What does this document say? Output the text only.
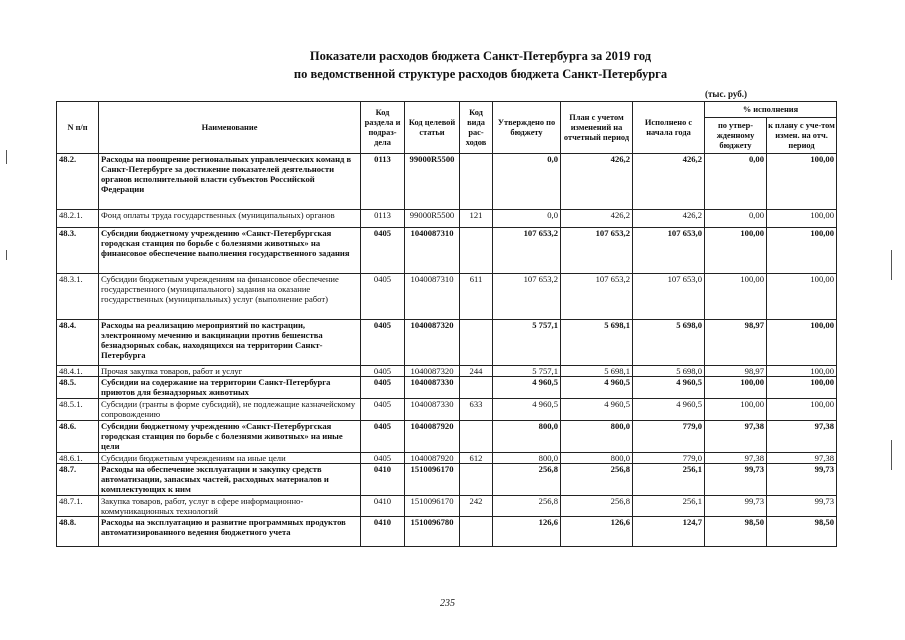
Показатели расходов бюджета Санкт-Петербурга за 2019 год
по ведомственной структуре расходов бюджета Санкт-Петербурга
(тыс. руб.)
N п/п	Наименование	Код раздела и подраз-дела	Код целевой статьи	Код вида рас-ходов	Утверждено по бюджету	План с учетом изменений на отчетный период	Исполнено с начала года	% исполнения	
								по утвер-жденному бюджету	к плану с уче-том измен. на отч. период
48.2.	Расходы на поощрение региональных управленческих команд в Санкт-Петербурге за достижение показателей деятельности органов исполнительной власти субъектов Российской Федерации	0113	99000R5500		0,0	426,2	426,2	0,00	100,00
48.2.1.	Фонд оплаты труда государственных (муниципальных) органов	0113	99000R5500	121	0,0	426,2	426,2	0,00	100,00
48.3.	Субсидии бюджетному учреждению «Санкт-Петербургская городская станция по борьбе с болезнями животных» на финансовое обеспечение выполнения государственного задания	0405	1040087310		107 653,2	107 653,2	107 653,0	100,00	100,00
48.3.1.	Субсидии бюджетным учреждениям на финансовое обеспечение государственного (муниципального) задания на оказание государственных (муниципальных) услуг (выполнение работ)	0405	1040087310	611	107 653,2	107 653,2	107 653,0	100,00	100,00
48.4.	Расходы на реализацию мероприятий по кастрации, электронному мечению и вакцинации против бешенства безнадзорных собак, находящихся на территории Санкт-Петербурга	0405	1040087320		5 757,1	5 698,1	5 698,0	98,97	100,00
48.4.1.	Прочая закупка товаров, работ и услуг	0405	1040087320	244	5 757,1	5 698,1	5 698,0	98,97	100,00
48.5.	Субсидии на содержание на территории Санкт-Петербурга приютов для безнадзорных животных	0405	1040087330		4 960,5	4 960,5	4 960,5	100,00	100,00
48.5.1.	Субсидии (гранты в форме субсидий), не подлежащие казначейскому сопровождению	0405	1040087330	633	4 960,5	4 960,5	4 960,5	100,00	100,00
48.6.	Субсидии бюджетному учреждению «Санкт-Петербургская городская станция по борьбе с болезнями животных» на иные цели	0405	1040087920		800,0	800,0	779,0	97,38	97,38
48.6.1.	Субсидии бюджетным учреждениям на иные цели	0405	1040087920	612	800,0	800,0	779,0	97,38	97,38
48.7.	Расходы на обеспечение эксплуатации и закупку средств автоматизации, запасных частей, расходных материалов и комплектующих к ним	0410	1510096170		256,8	256,8	256,1	99,73	99,73
48.7.1.	Закупка товаров, работ, услуг в сфере информационно-коммуникационных технологий	0410	1510096170	242	256,8	256,8	256,1	99,73	99,73
48.8.	Расходы на эксплуатацию и развитие программных продуктов автоматизированного ведения бюджетного учета	0410	1510096780		126,6	126,6	124,7	98,50	98,50
235
